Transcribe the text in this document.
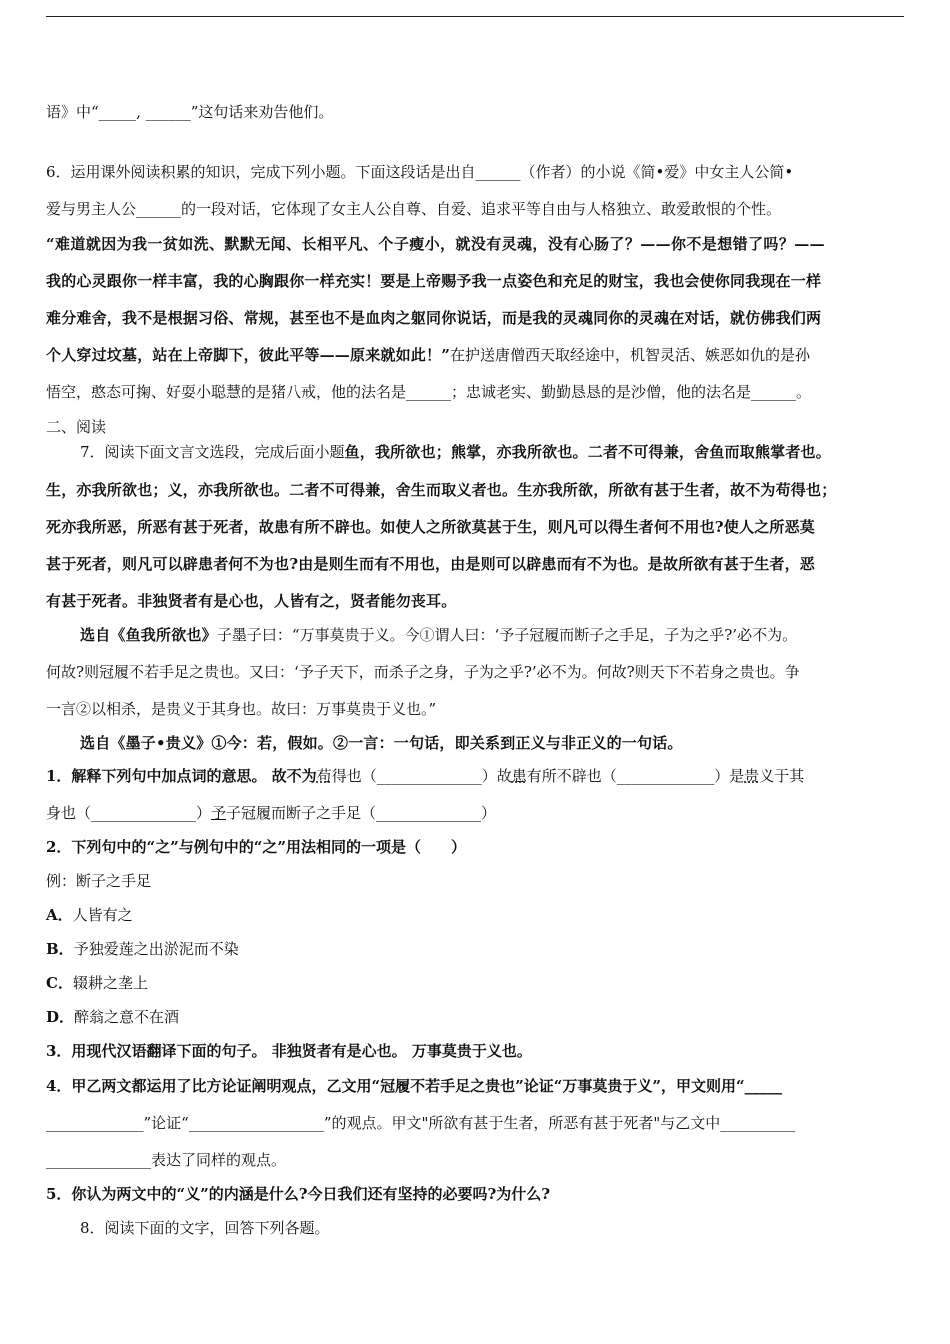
语》中“_____, ______”这句话来劝告他们。
6．运用课外阅读积累的知识，完成下列小题。下面这段话是出自______（作者）的小说《简•爱》中女主人公简•
爱与男主人公______的一段对话，它体现了女主人公自尊、自爱、追求平等自由与人格独立、敢爱敢恨的个性。
“难道就因为我一贫如洗、默默无闻、长相平凡、个子瘦小，就没有灵魂，没有心肠了？——你不是想错了吗？——
我的心灵跟你一样丰富，我的心胸跟你一样充实！要是上帝赐予我一点姿色和充足的财宝，我也会使你同我现在一样
难分难舍，我不是根据习俗、常规，甚至也不是血肉之躯同你说话，而是我的灵魂同你的灵魂在对话，就仿佛我们两
个人穿过坟墓，站在上帝脚下，彼此平等——原来就如此！”在护送唐僧西天取经途中，机智灵活、嫉恶如仇的是孙
悟空，憨态可掬、好耍小聪慧的是猪八戒，他的法名是______；忠诚老实、勤勤恳恳的是沙僧，他的法名是______。
二、阅读
7．阅读下面文言文选段，完成后面小题鱼，我所欲也；熊掌，亦我所欲也。二者不可得兼，舍鱼而取熊掌者也。
生，亦我所欲也；义，亦我所欲也。二者不可得兼，舍生而取义者也。生亦我所欲，所欲有甚于生者，故不为苟得也；
死亦我所恶，所恶有甚于死者，故患有所不辟也。如使人之所欲莫甚于生，则凡可以得生者何不用也?使人之所恶莫
甚于死者，则凡可以辟患者何不为也?由是则生而有不用也，由是则可以辟患而有不为也。是故所欲有甚于生者，恶
有甚于死者。非独贤者有是心也，人皆有之，贤者能勿丧耳。
选自《鱼我所欲也》子墨子曰：“万事莫贵于义。今①谓人曰：‘予子冠履而断子之手足，子为之乎?’必不为。
何故?则冠履不若手足之贵也。又曰：‘予子天下，而杀子之身，子为之乎?’必不为。何故?则天下不若身之贵也。争
一言②以相杀，是贵义于其身也。故曰：万事莫贵于义也。”
选自《墨子•贵义》①今：若，假如。②一言：一句话，即关系到正义与非正义的一句话。
1．解释下列句中加点词的意思。 故不为苟得也（______________）故患有所不辟也（_____________）是贵义于其
身也（______________）予子冠履而断子之手足（______________）
2．下列句中的“之”与例句中的“之”用法相同的一项是（　　）
例：断子之手足
A．人皆有之
B．予独爱莲之出淤泥而不染
C．辍耕之垄上
D．醉翁之意不在酒
3．用现代汉语翻译下面的句子。 非独贤者有是心也。 万事莫贵于义也。
4．甲乙两文都运用了比方论证阐明观点，乙文用“冠履不若手足之贵也”论证“万事莫贵于义”，甲文则用“_____
_____________”论证“__________________”的观点。甲文"所欲有甚于生者，所恶有甚于死者"与乙文中__________
______________表达了同样的观点。
5．你认为两文中的“义”的内涵是什么?今日我们还有坚持的必要吗?为什么?
8．阅读下面的文字，回答下列各题。
